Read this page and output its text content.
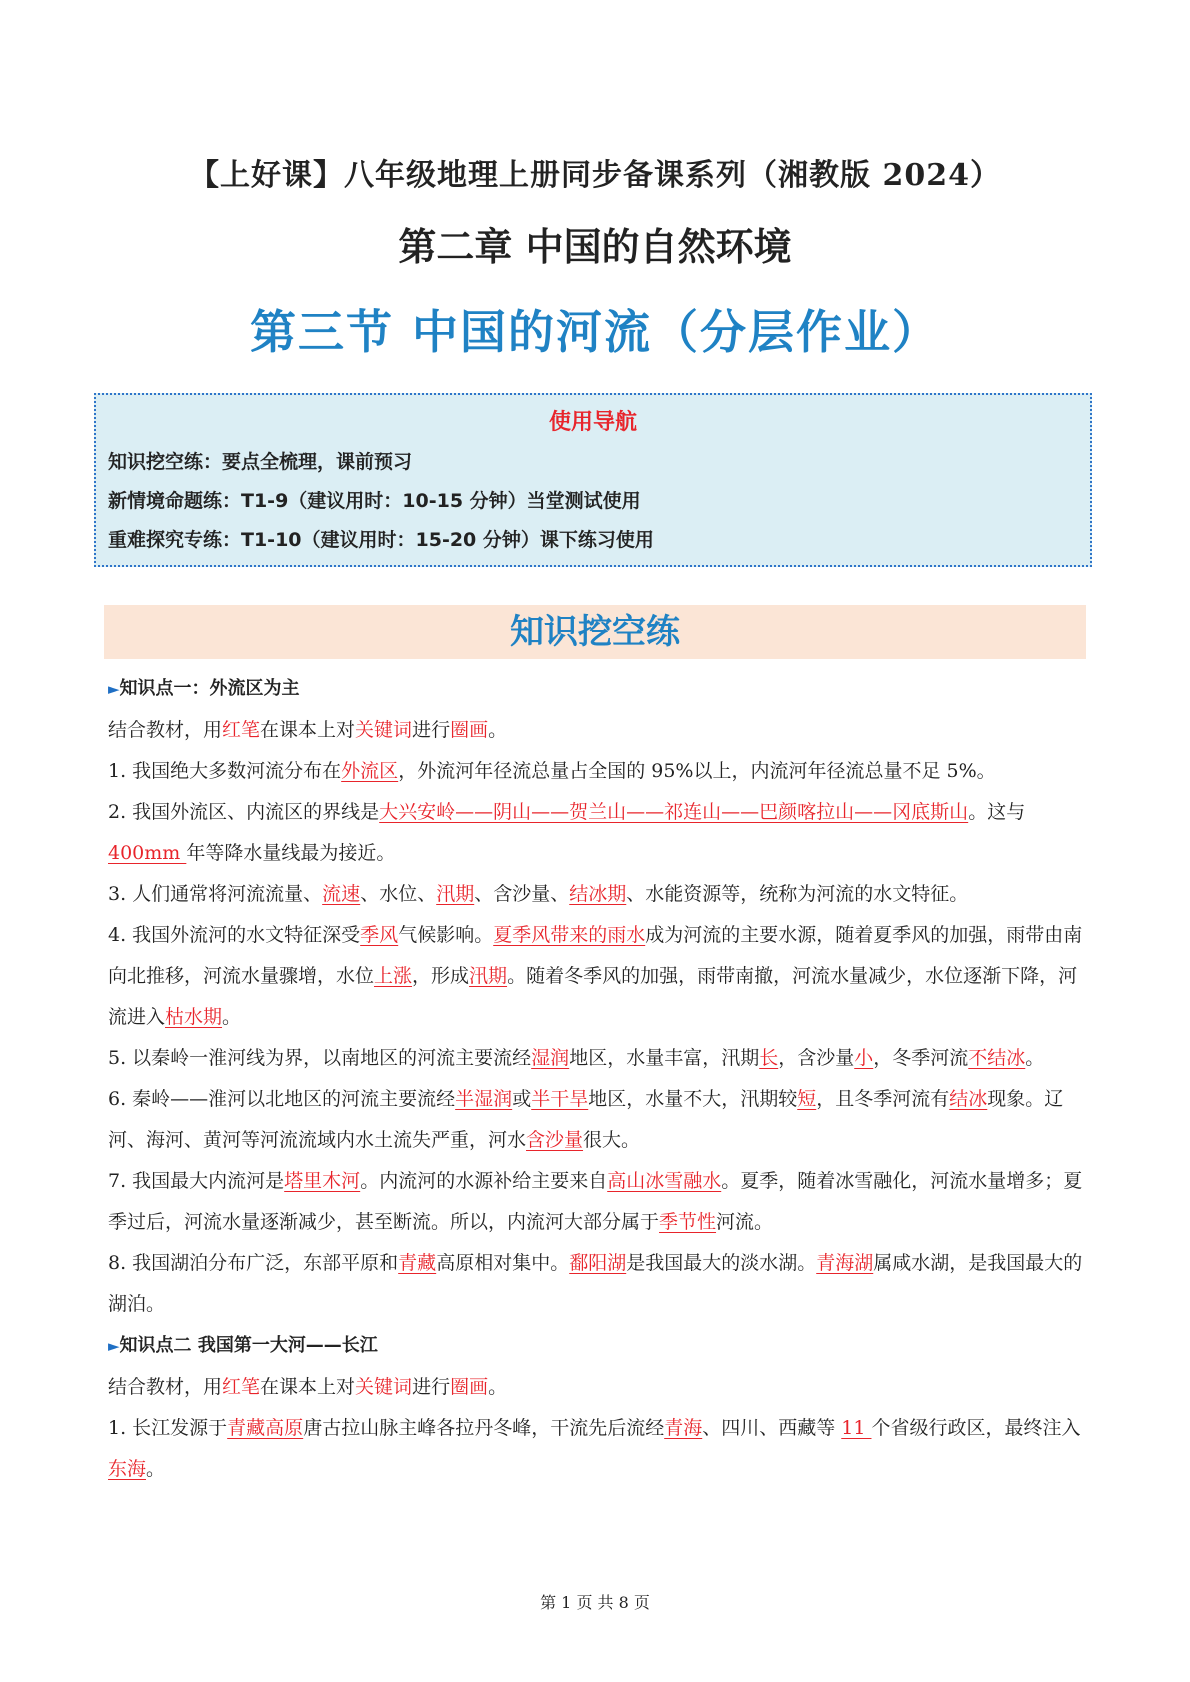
【上好课】八年级地理上册同步备课系列（湘教版 2024）
第二章 中国的自然环境
第三节 中国的河流（分层作业）
使用导航
知识挖空练：要点全梳理，课前预习
新情境命题练：T1-9（建议用时：10-15 分钟）当堂测试使用
重难探究专练：T1-10（建议用时：15-20 分钟）课下练习使用
知识挖空练

►知识点一：外流区为主

结合教材，用红笔在课本上对关键词进行圈画。

1. 我国绝大多数河流分布在外流区，外流河年径流总量占全国的 95%以上，内流河年径流总量不足 5%。

2. 我国外流区、内流区的界线是大兴安岭——阴山——贺兰山——祁连山——巴颜喀拉山——冈底斯山。这与 400mm 年等降水量线最为接近。

3. 人们通常将河流流量、流速、水位、汛期、含沙量、结冰期、水能资源等，统称为河流的水文特征。

4. 我国外流河的水文特征深受季风气候影响。夏季风带来的雨水成为河流的主要水源，随着夏季风的加强，雨带由南向北推移，河流水量骤增，水位上涨，形成汛期。随着冬季风的加强，雨带南撤，河流水量减少，水位逐渐下降，河流进入枯水期。

5. 以秦岭一淮河线为界，以南地区的河流主要流经湿润地区，水量丰富，汛期长，含沙量小，冬季河流不结冰。

6. 秦岭——淮河以北地区的河流主要流经半湿润或半干旱地区，水量不大，汛期较短，且冬季河流有结冰现象。辽河、海河、黄河等河流流域内水土流失严重，河水含沙量很大。

7. 我国最大内流河是塔里木河。内流河的水源补给主要来自高山冰雪融水。夏季，随着冰雪融化，河流水量增多；夏季过后，河流水量逐渐减少，甚至断流。所以，内流河大部分属于季节性河流。

8. 我国湖泊分布广泛，东部平原和青藏高原相对集中。鄱阳湖是我国最大的淡水湖。青海湖属咸水湖，是我国最大的湖泊。

►知识点二 我国第一大河——长江

结合教材，用红笔在课本上对关键词进行圈画。

1. 长江发源于青藏高原唐古拉山脉主峰各拉丹冬峰，干流先后流经青海、四川、西藏等 11 个省级行政区，最终注入东海。

第 1 页 共 8 页
